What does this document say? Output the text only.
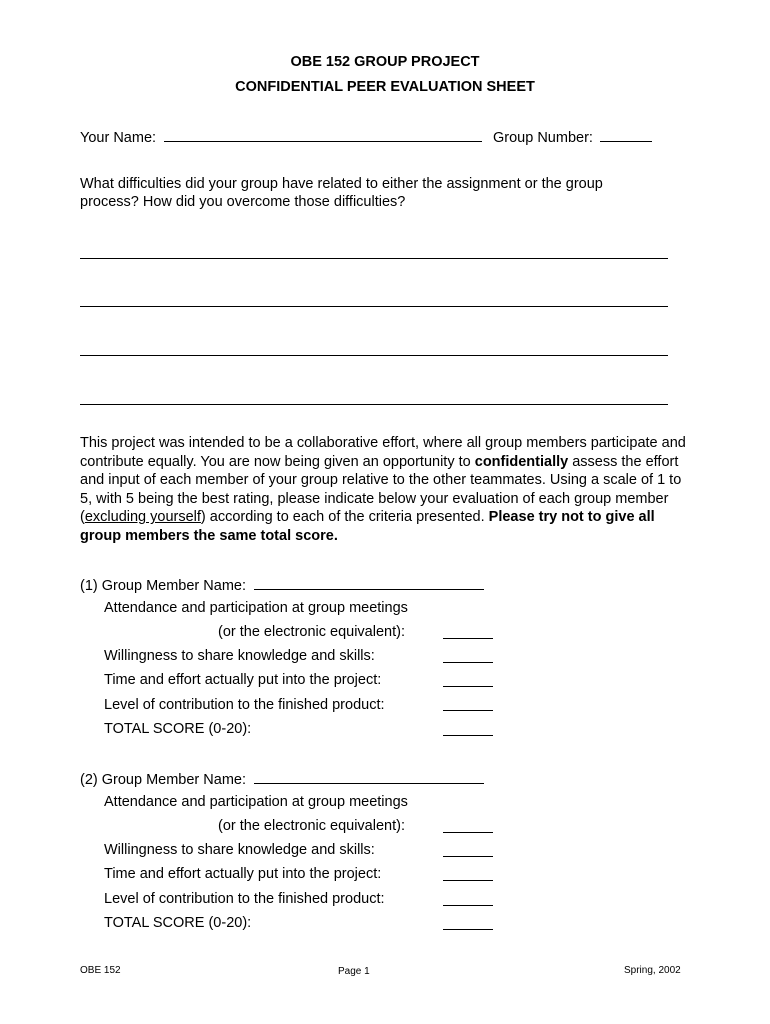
OBE 152 GROUP PROJECT
CONFIDENTIAL PEER EVALUATION SHEET
Your Name:	Group Number:
What difficulties did your group have related to either the assignment or the group
process? How did you overcome those difficulties?
This project was intended to be a collaborative effort, where all group members participate and contribute equally. You are now being given an opportunity to confidentially assess the effort and input of each member of your group relative to the other teammates. Using a scale of 1 to 5, with 5 being the best rating, please indicate below your evaluation of each group member (excluding yourself) according to each of the criteria presented. Please try not to give all group members the same total score.
(1) Group Member Name:
Attendance and participation at group meetings
(or the electronic equivalent):
Willingness to share knowledge and skills:
Time and effort actually put into the project:
Level of contribution to the finished product:
TOTAL SCORE (0-20):
(2) Group Member Name:
Attendance and participation at group meetings
(or the electronic equivalent):
Willingness to share knowledge and skills:
Time and effort actually put into the project:
Level of contribution to the finished product:
TOTAL SCORE (0-20):
OBE 152	Page 1	Spring, 2002
